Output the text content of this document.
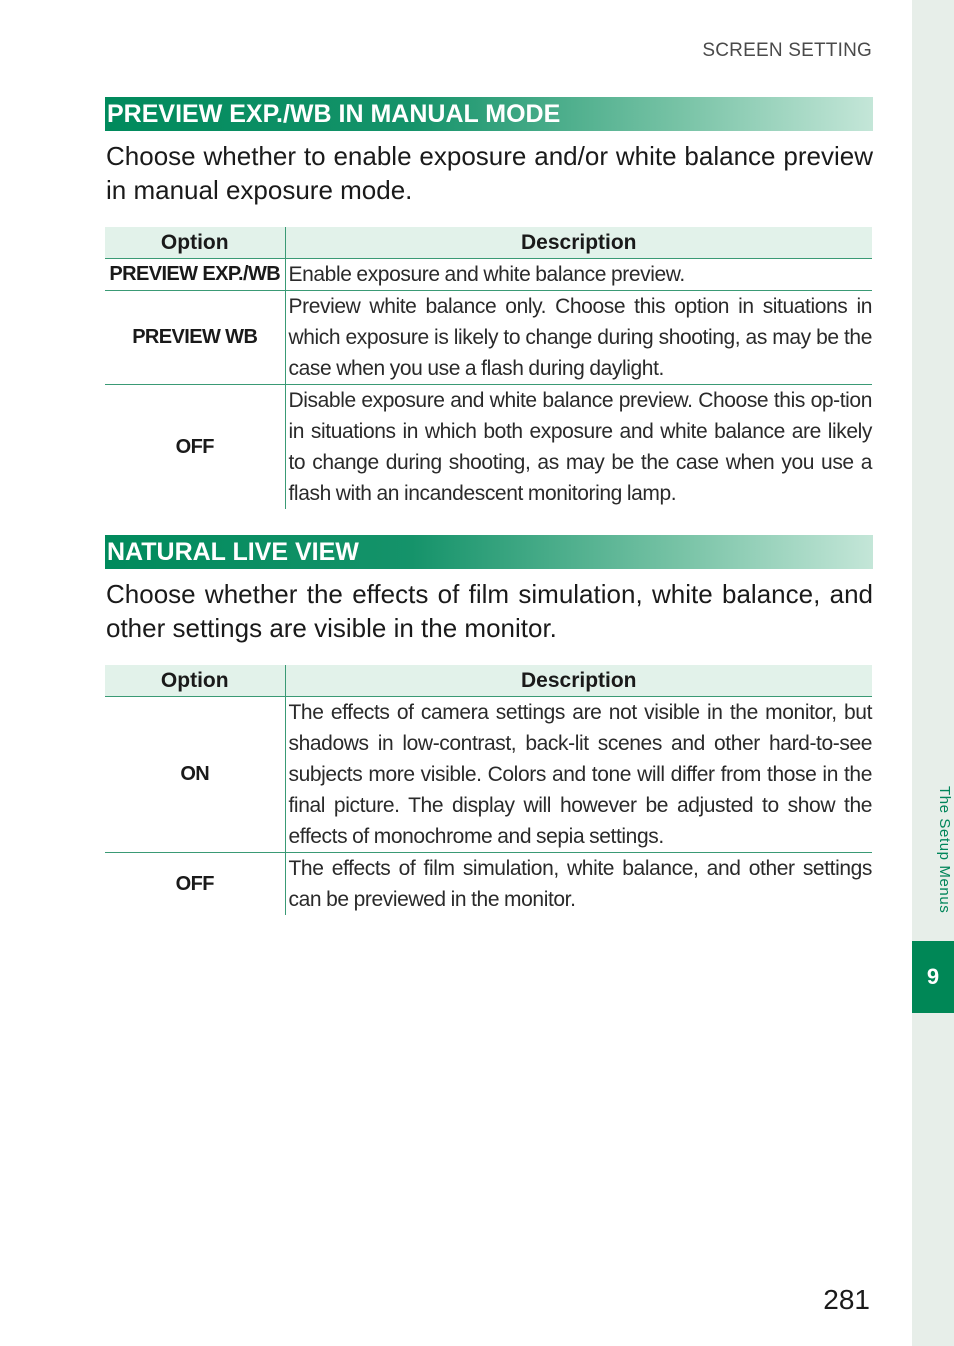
The Setup Menus
9
SCREEN SETTING
PREVIEW EXP./WB IN MANUAL MODE
Choose whether to enable exposure and/or white balance preview in manual exposure mode.
Option	Description
PREVIEW EXP./WB	Enable exposure and white balance preview.
PREVIEW WB	Preview white balance only. Choose this option in situations in which exposure is likely to change during shooting, as may be the case when you use a flash during daylight.
OFF	Disable exposure and white balance preview. Choose this op-tion in situations in which both exposure and white balance are likely to change during shooting, as may be the case when you use a flash with an incandescent monitoring lamp.
NATURAL LIVE VIEW
Choose whether the effects of film simulation, white balance, and other settings are visible in the monitor.
Option	Description
ON	The effects of camera settings are not visible in the monitor, but shadows in low-contrast, back-lit scenes and other hard-to-see subjects more visible. Colors and tone will differ from those in the final picture. The display will however be adjusted to show the effects of monochrome and sepia settings.
OFF	The effects of film simulation, white balance, and other settings can be previewed in the monitor.
281
